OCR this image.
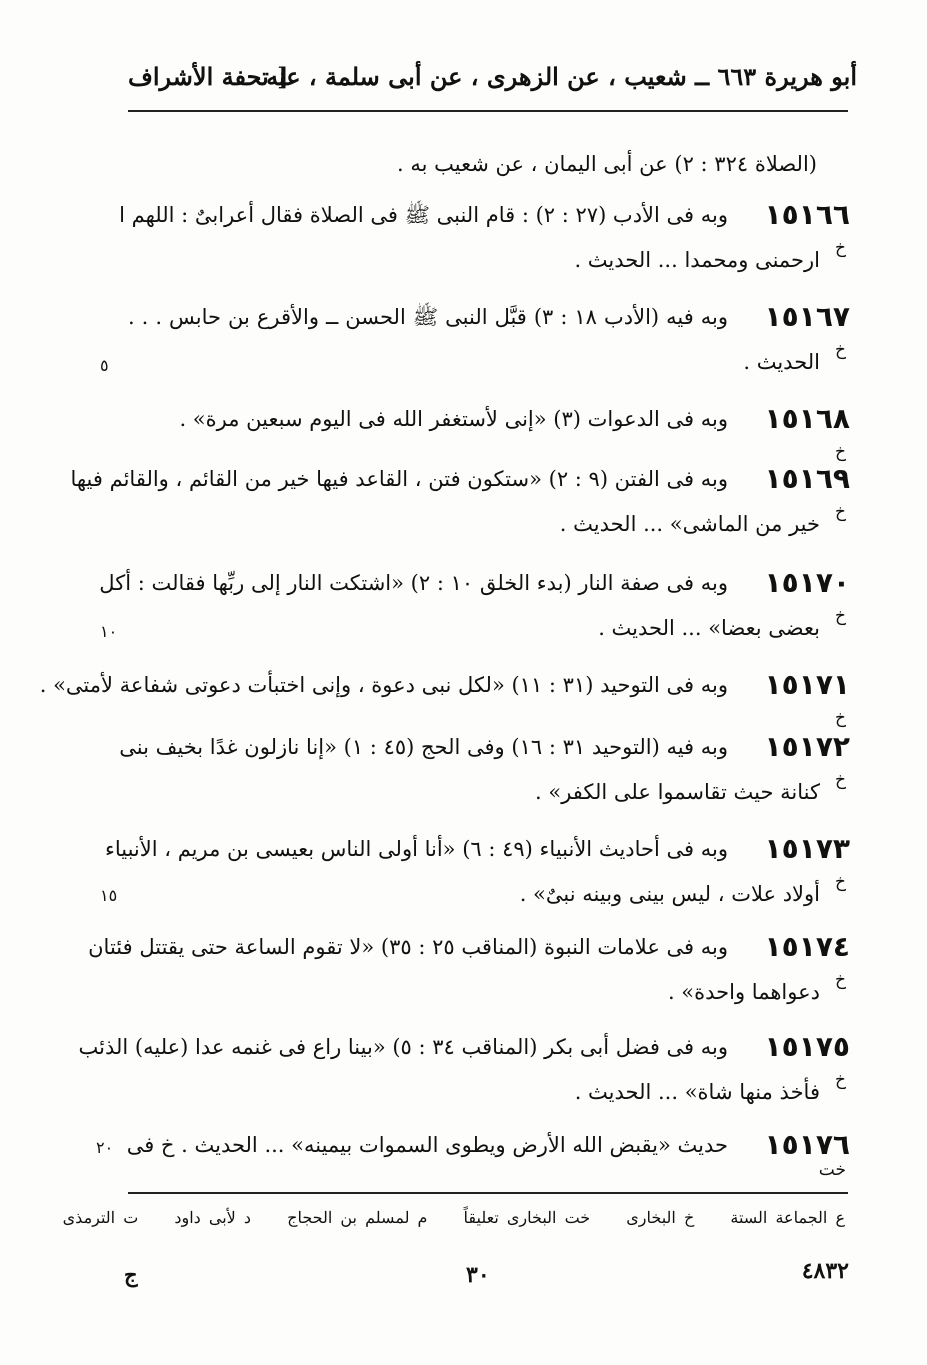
أبو هريرة ٦٦٣ ــ شعيب ، عن الزهرى ، عن أبى سلمة ، عنه
[ تحفة الأشراف
(الصلاة ٣٢٤ : ٢) عن أبى اليمان ، عن شعيب به .
١٥١٦٦
وبه فى الأدب (٢٧ : ٢) : قام النبى ﷺ فى الصلاة فقال أعرابىٌ : اللهم ا
خ
ارحمنى ومحمدا ... الحديث .
١٥١٦٧
وبه فيه (الأدب ١٨ : ٣) قبَّل النبى ﷺ الحسن ــ والأقرع بن حابس . . .
خ
الحديث .
١٥١٦٨
وبه فى الدعوات (٣) «إنى لأستغفر الله فى اليوم سبعين مرة» .
خ
١٥١٦٩
وبه فى الفتن (٩ : ٢) «ستكون فتن ، القاعد فيها خير من القائم ، والقائم فيها
خ
خير من الماشى» ... الحديث .
١٥١٧٠
وبه فى صفة النار (بدء الخلق ١٠ : ٢) «اشتكت النار إلى ربِّها فقالت : أكل
خ
بعضى بعضا» ... الحديث .
١٥١٧١
وبه فى التوحيد (٣١ : ١١) «لكل نبى دعوة ، وإنى اختبأت دعوتى شفاعة لأمتى» .
خ
١٥١٧٢
وبه فيه (التوحيد ٣١ : ١٦) وفى الحج (٤٥ : ١) «إنا نازلون غدًا بخيف بنى
خ
كنانة حيث تقاسموا على الكفر» .
١٥١٧٣
وبه فى أحاديث الأنبياء (٤٩ : ٦) «أنا أولى الناس بعيسى بن مريم ، الأنبياء
خ
أولاد علات ، ليس بينى وبينه نبىٌ» .
١٥١٧٤
وبه فى علامات النبوة (المناقب ٢٥ : ٣٥) «لا تقوم الساعة حتى يقتتل فئتان
خ
دعواهما واحدة» .
١٥١٧٥
وبه فى فضل أبى بكر (المناقب ٣٤ : ٥) «بينا راع فى غنمه عدا (عليه) الذئب
خ
فأخذ منها شاة» ... الحديث .
١٥١٧٦
حديث «يقبض الله الأرض ويطوى السموات بيمينه» ... الحديث . خ فى
خت
٥
١٠
١٥
٢٠
ع الجماعة الستة خ البخارى خت البخارى تعليقاً م لمسلم بن الحجاج د لأبى داود ت الترمذى
٣٠	٤٨٣٢
ج
